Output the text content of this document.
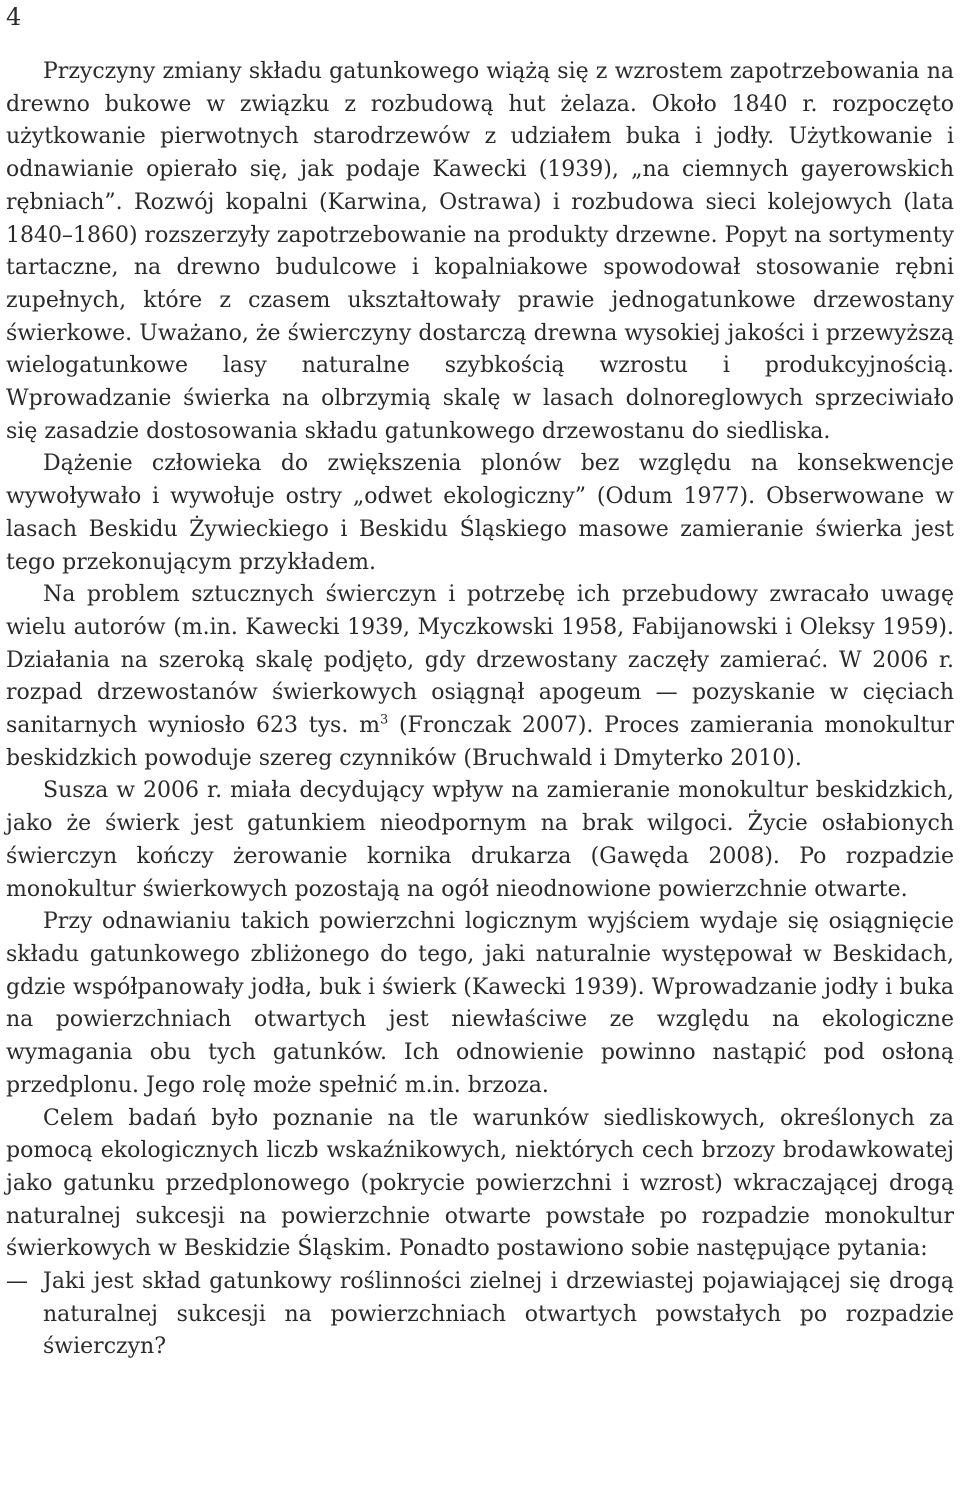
4

Przyczyny zmiany składu gatunkowego wiążą się z wzrostem zapotrzebowania na drewno bukowe w związku z rozbudową hut żelaza. Około 1840 r. rozpoczęto użytkowanie pierwotnych starodrzewów z udziałem buka i jodły. Użytkowanie i odnawianie opierało się, jak podaje Kawecki (1939), „na ciemnych gayerowskich rębniach”. Rozwój kopalni (Karwina, Ostrawa) i rozbudowa sieci kolejowych (lata 1840–1860) rozszerzyły zapotrzebowanie na produkty drzewne. Popyt na sortymenty tartaczne, na drewno budulcowe i kopalniakowe spowodował stosowanie rębni zupełnych, które z czasem ukształtowały prawie jednogatunkowe drzewostany świerkowe. Uważano, że świerczyny dostarczą drewna wysokiej jakości i przewyższą wielogatunkowe lasy naturalne szybkością wzrostu i produkcyjnością. Wprowadzanie świerka na olbrzymią skalę w lasach dolnoreglowych sprzeciwiało się zasadzie dostosowania składu gatunkowego drzewostanu do siedliska.

Dążenie człowieka do zwiększenia plonów bez względu na konsekwencje wywoływało i wywołuje ostry „odwet ekologiczny” (Odum 1977). Obserwowane w lasach Beskidu Żywieckiego i Beskidu Śląskiego masowe zamieranie świerka jest tego przekonującym przykładem.

Na problem sztucznych świerczyn i potrzebę ich przebudowy zwracało uwagę wielu autorów (m.in. Kawecki 1939, Myczkowski 1958, Fabijanowski i Oleksy 1959). Działania na szeroką skalę podjęto, gdy drzewostany zaczęły zamierać. W 2006 r. rozpad drzewostanów świerkowych osiągnął apogeum — pozyskanie w cięciach sanitarnych wyniosło 623 tys. $m^3$ (Fronczak 2007). Proces zamierania monokultur beskidzkich powoduje szereg czynników (Bruchwald i Dmyterko 2010).

Susza w 2006 r. miała decydujący wpływ na zamieranie monokultur beskidzkich, jako że świerk jest gatunkiem nieodpornym na brak wilgoci. Życie osłabionych świerczyn kończy żerowanie kornika drukarza (Gawęda 2008). Po rozpadzie monokultur świerkowych pozostają na ogół nieodnowione powierzchnie otwarte.

Przy odnawianiu takich powierzchni logicznym wyjściem wydaje się osiągnięcie składu gatunkowego zbliżonego do tego, jaki naturalnie występował w Beskidach, gdzie współpanowały jodła, buk i świerk (Kawecki 1939). Wprowadzanie jodły i buka na powierzchniach otwartych jest niewłaściwe ze względu na ekologiczne wymagania obu tych gatunków. Ich odnowienie powinno nastąpić pod osłoną przedplonu. Jego rolę może spełnić m.in. brzoza.

Celem badań było poznanie na tle warunków siedliskowych, określonych za pomocą ekologicznych liczb wskaźnikowych, niektórych cech brzozy brodawkowatej jako gatunku przedplonowego (pokrycie powierzchni i wzrost) wkraczającej drogą naturalnej sukcesji na powierzchnie otwarte powstałe po rozpadzie monokultur świerkowych w Beskidzie Śląskim. Ponadto postawiono sobie następujące pytania:

— Jaki jest skład gatunkowy roślinności zielnej i drzewiastej pojawiającej się drogą naturalnej sukcesji na powierzchniach otwartych powstałych po rozpadzie świerczyn?
